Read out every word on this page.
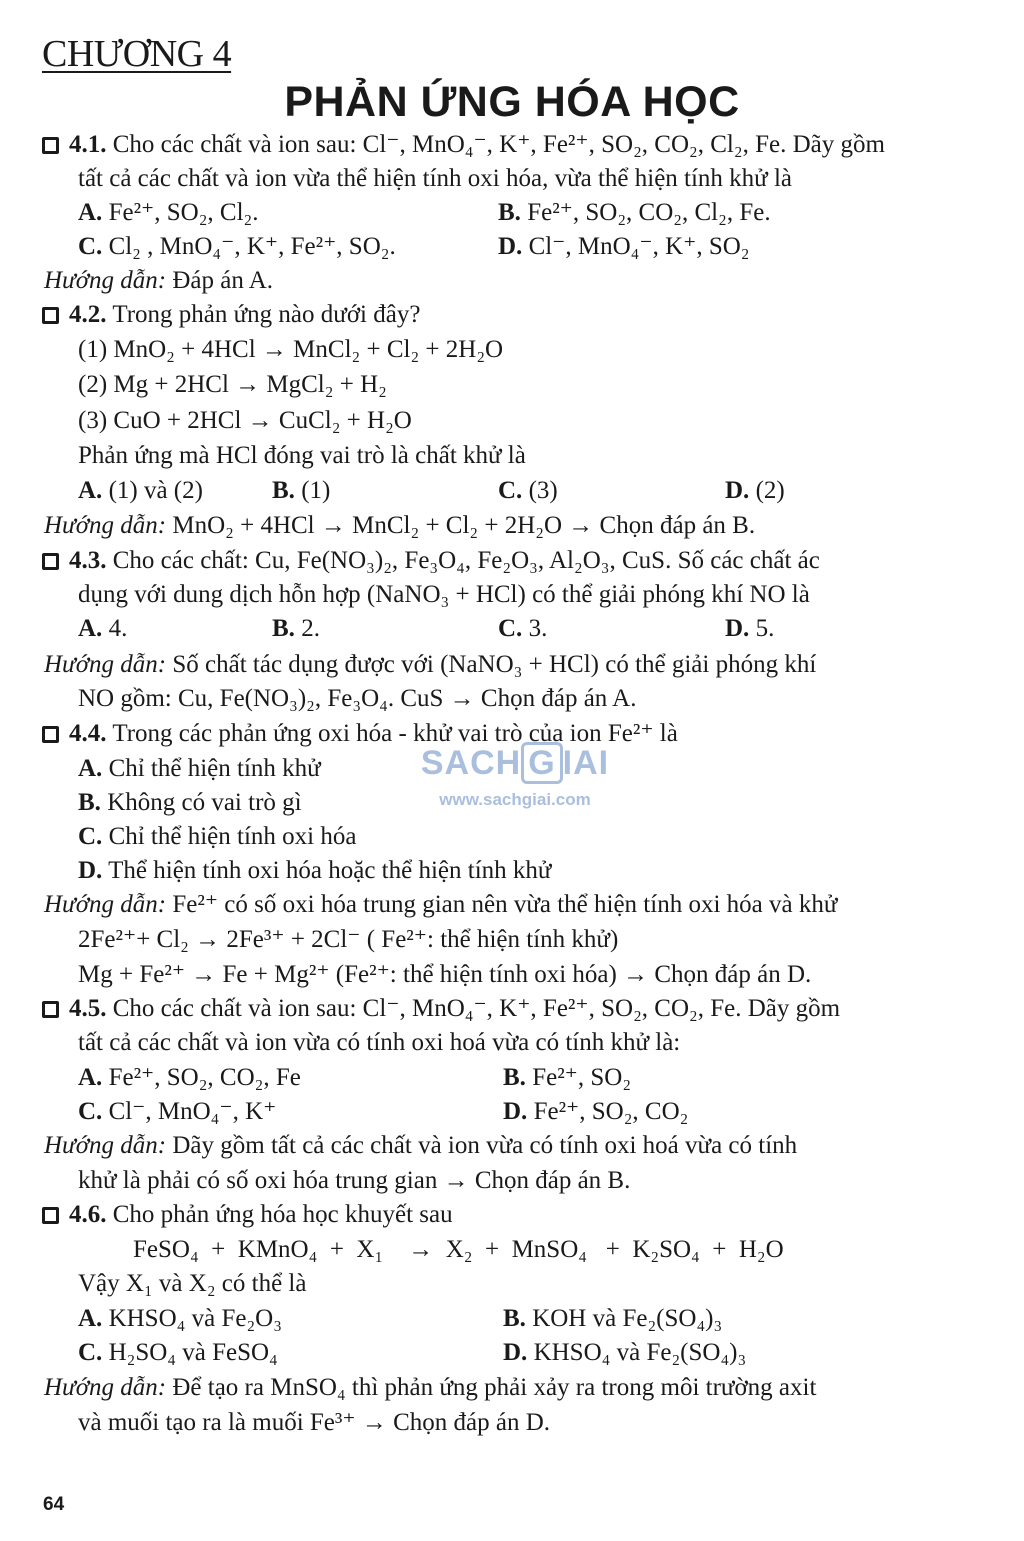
CHƯƠNG 4
PHẢN ỨNG HÓA HỌC
4.1. Cho các chất và ion sau: Cl⁻, MnO₄⁻, K⁺, Fe²⁺, SO₂, CO₂, Cl₂, Fe. Dãy gồm
tất cả các chất và ion vừa thể hiện tính oxi hóa, vừa thể hiện tính khử là
A. Fe²⁺, SO₂, Cl₂.	B. Fe²⁺, SO₂, CO₂, Cl₂, Fe.
C. Cl₂ , MnO₄⁻, K⁺, Fe²⁺, SO₂.	D. Cl⁻, MnO₄⁻, K⁺, SO₂
Hướng dẫn: Đáp án A.
4.2. Trong phản ứng nào dưới đây?
(1) MnO₂ + 4HCl → MnCl₂ + Cl₂ + 2H₂O
(2) Mg + 2HCl → MgCl₂ + H₂
(3) CuO + 2HCl → CuCl₂ + H₂O
Phản ứng mà HCl đóng vai trò là chất khử là
A. (1) và (2)	B. (1)	C. (3)	D. (2)
Hướng dẫn: MnO₂ + 4HCl → MnCl₂ + Cl₂ + 2H₂O → Chọn đáp án B.
4.3. Cho các chất: Cu, Fe(NO₃)₂, Fe₃O₄, Fe₂O₃, Al₂O₃, CuS. Số các chất ác
dụng với dung dịch hỗn hợp (NaNO₃ + HCl) có thể giải phóng khí NO là
A. 4.	B. 2.	C. 3.	D. 5.
Hướng dẫn: Số chất tác dụng được với (NaNO₃ + HCl) có thể giải phóng khí
NO gồm: Cu, Fe(NO₃)₂, Fe₃O₄. CuS → Chọn đáp án A.
4.4. Trong các phản ứng oxi hóa - khử vai trò của ion Fe²⁺ là
A. Chỉ thể hiện tính khử
B. Không có vai trò gì
C. Chỉ thể hiện tính oxi hóa
D. Thể hiện tính oxi hóa hoặc thể hiện tính khử
Hướng dẫn: Fe²⁺ có số oxi hóa trung gian nên vừa thể hiện tính oxi hóa và khử
2Fe²⁺+ Cl₂ → 2Fe³⁺ + 2Cl⁻ ( Fe²⁺: thể hiện tính khử)
Mg + Fe²⁺ → Fe + Mg²⁺ (Fe²⁺: thể hiện tính oxi hóa) → Chọn đáp án D.
SACH G IAI
www.sachgiai.com
4.5. Cho các chất và ion sau: Cl⁻, MnO₄⁻, K⁺, Fe²⁺, SO₂, CO₂, Fe. Dãy gồm
tất cả các chất và ion vừa có tính oxi hoá vừa có tính khử là:
A. Fe²⁺, SO₂, CO₂, Fe	B. Fe²⁺, SO₂
C. Cl⁻, MnO₄⁻, K⁺	D. Fe²⁺, SO₂, CO₂
Hướng dẫn: Dãy gồm tất cả các chất và ion vừa có tính oxi hoá vừa có tính
khử là phải có số oxi hóa trung gian → Chọn đáp án B.
4.6. Cho phản ứng hóa học khuyết sau
FeSO₄  +  KMnO₄  +  X₁    →  X₂  +  MnSO₄   +  K₂SO₄  +  H₂O
Vậy X₁ và X₂ có thể là
A. KHSO₄ và Fe₂O₃	B. KOH và Fe₂(SO₄)₃
C. H₂SO₄ và FeSO₄	D. KHSO₄ và Fe₂(SO₄)₃
Hướng dẫn: Để tạo ra MnSO₄ thì phản ứng phải xảy ra trong môi trường axit
và muối tạo ra là muối Fe³⁺ → Chọn đáp án D.
64
